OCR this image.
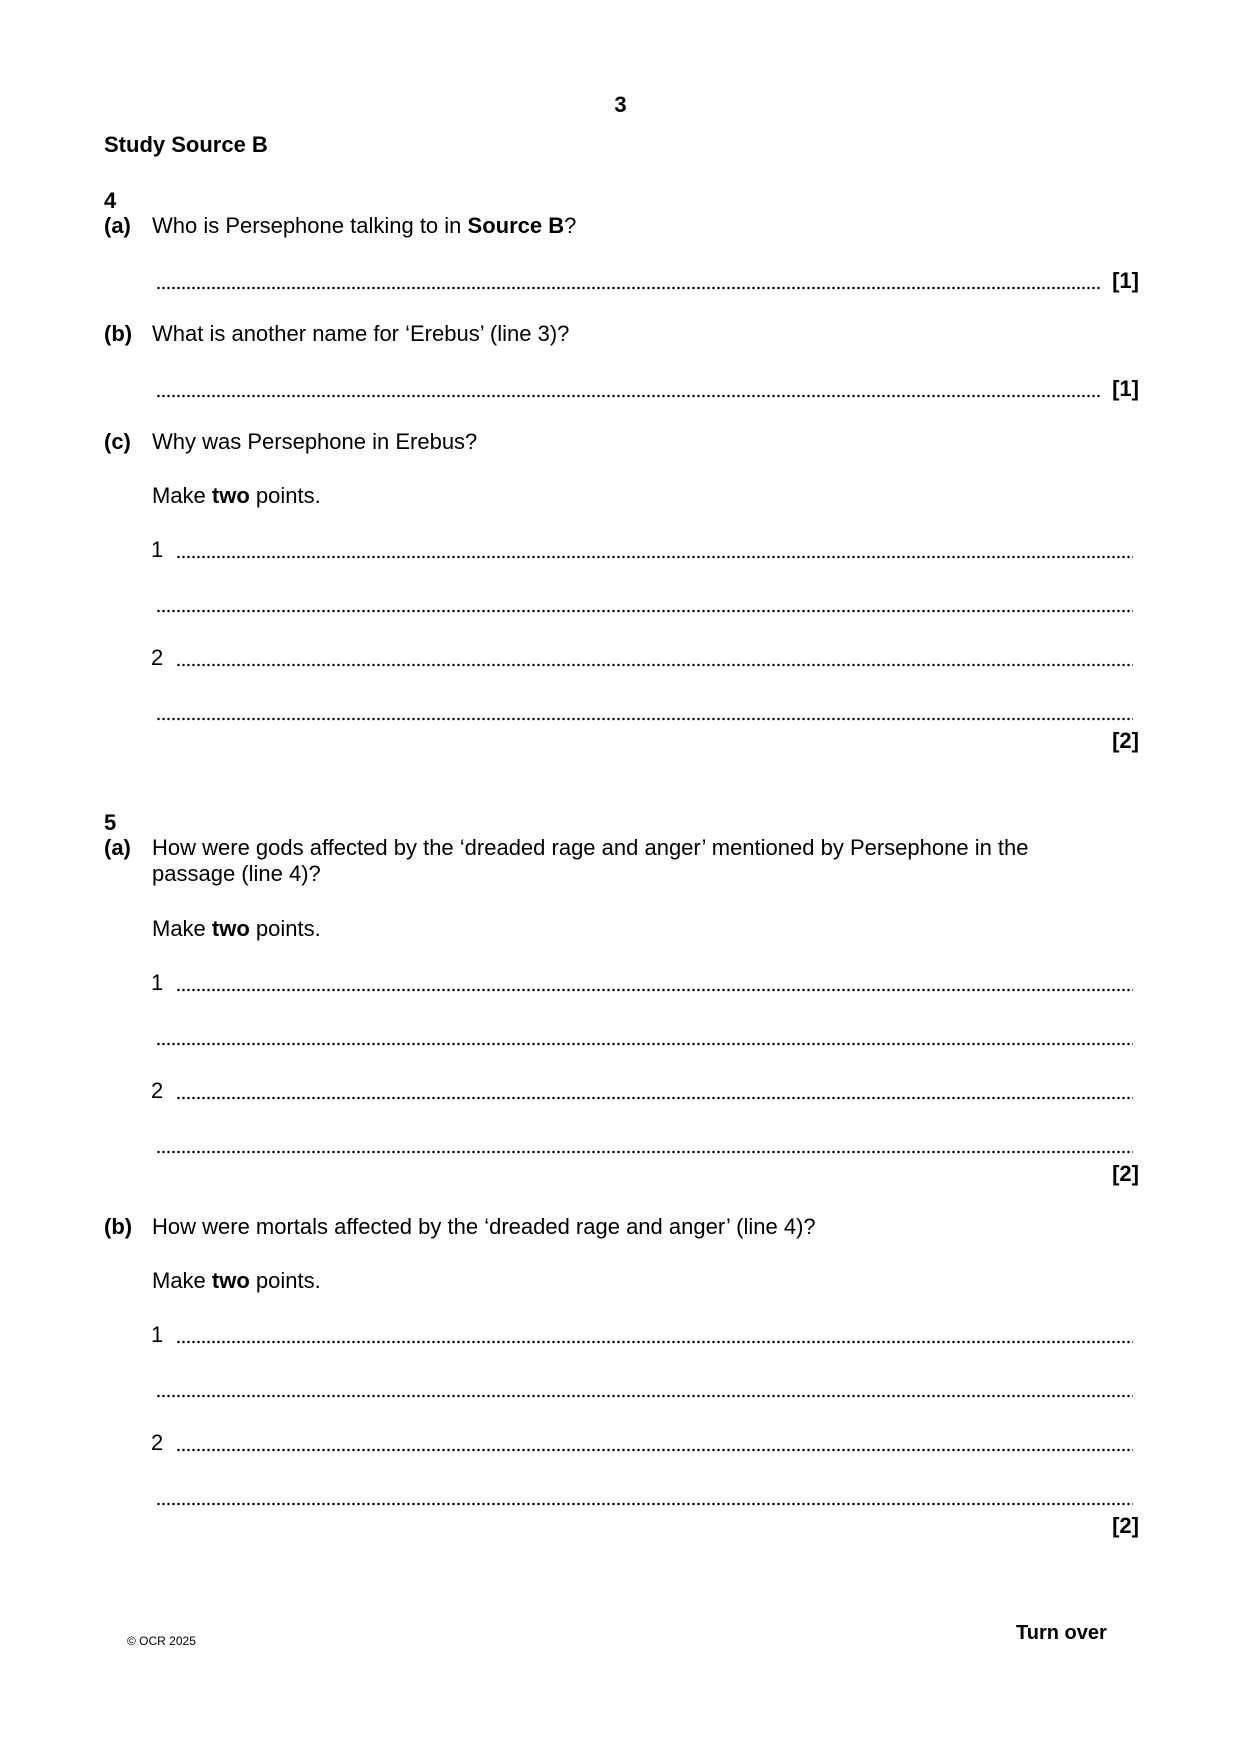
3
Study Source B
4
(a) Who is Persephone talking to in Source B?
[1]
(b) What is another name for ‘Erebus’ (line 3)?
[1]
(c) Why was Persephone in Erebus?
Make two points.
1
2
[2]
5
(a) How were gods affected by the ‘dreaded rage and anger’ mentioned by Persephone in the
passage (line 4)?
Make two points.
1
2
[2]
(b) How were mortals affected by the ‘dreaded rage and anger’ (line 4)?
Make two points.
1
2
[2]
© OCR 2025	Turn over
